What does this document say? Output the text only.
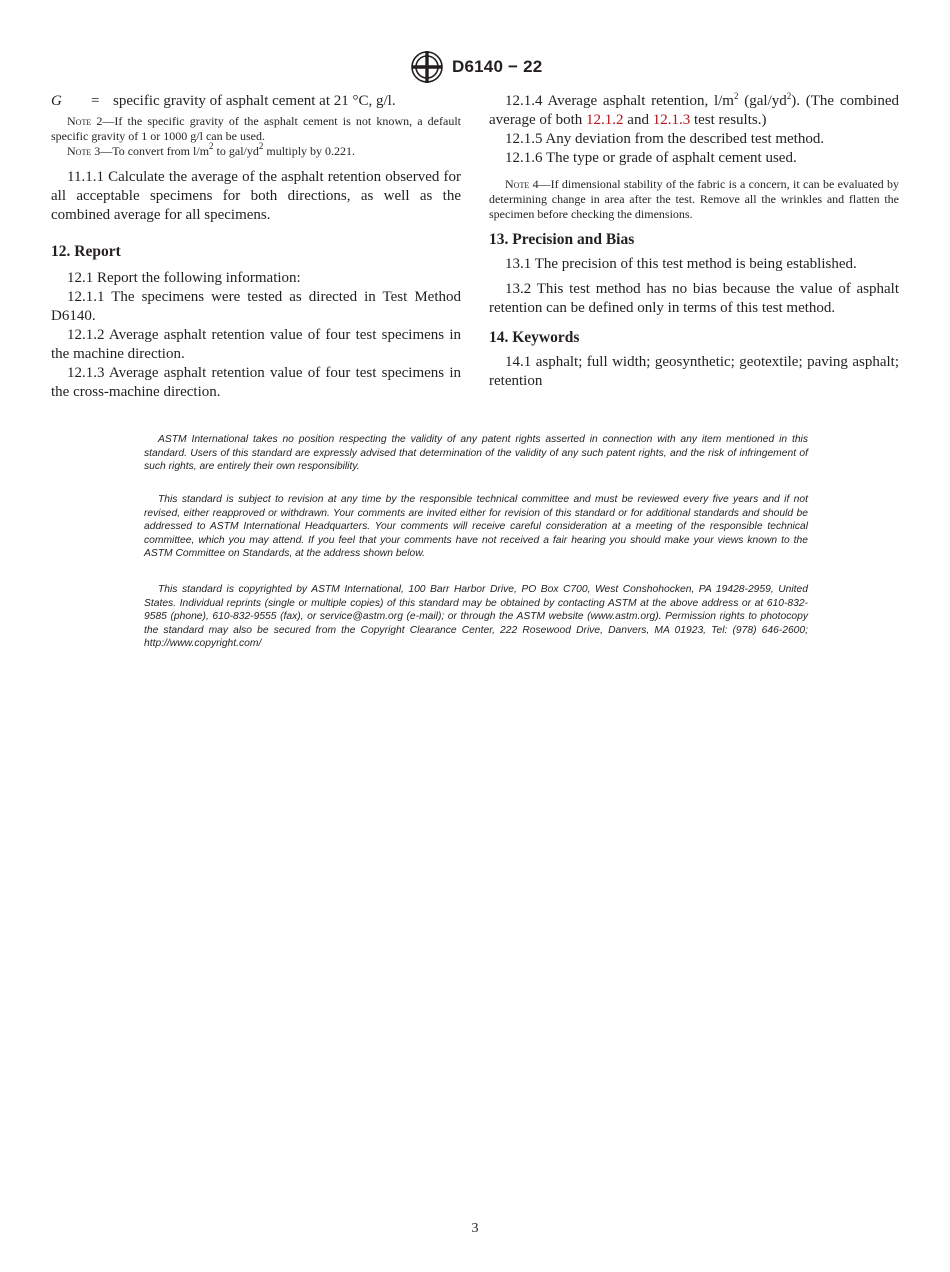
D6140 − 22

G = specific gravity of asphalt cement at 21 °C, g/l.

Note 2—If the specific gravity of the asphalt cement is not known, a default specific gravity of 1 or 1000 g/l can be used.

Note 3—To convert from $l/m^2$ to gal/$yd^2$ multiply by 0.221.

11.1.1 Calculate the average of the asphalt retention observed for all acceptable specimens for both directions, as well as the combined average for all specimens.

12. Report

12.1 Report the following information:

12.1.1 The specimens were tested as directed in Test Method D6140.

12.1.2 Average asphalt retention value of four test specimens in the machine direction.

12.1.3 Average asphalt retention value of four test specimens in the cross-machine direction.

12.1.4 Average asphalt retention, $l/m^2$ $(gal/yd^2)$. (The combined average of both 12.1.2 and 12.1.3 test results.)

12.1.5 Any deviation from the described test method.

12.1.6 The type or grade of asphalt cement used.

Note 4—If dimensional stability of the fabric is a concern, it can be evaluated by determining change in area after the test. Remove all the wrinkles and flatten the specimen before checking the dimensions.

13. Precision and Bias

13.1 The precision of this test method is being established.

13.2 This test method has no bias because the value of asphalt retention can be defined only in terms of this test method.

14. Keywords

14.1 asphalt; full width; geosynthetic; geotextile; paving asphalt; retention

ASTM International takes no position respecting the validity of any patent rights asserted in connection with any item mentioned in this standard. Users of this standard are expressly advised that determination of the validity of any such patent rights, and the risk of infringement of such rights, are entirely their own responsibility.

This standard is subject to revision at any time by the responsible technical committee and must be reviewed every five years and if not revised, either reapproved or withdrawn. Your comments are invited either for revision of this standard or for additional standards and should be addressed to ASTM International Headquarters. Your comments will receive careful consideration at a meeting of the responsible technical committee, which you may attend. If you feel that your comments have not received a fair hearing you should make your views known to the ASTM Committee on Standards, at the address shown below.

This standard is copyrighted by ASTM International, 100 Barr Harbor Drive, PO Box C700, West Conshohocken, PA 19428-2959, United States. Individual reprints (single or multiple copies) of this standard may be obtained by contacting ASTM at the above address or at 610-832-9585 (phone), 610-832-9555 (fax), or service@astm.org (e-mail); or through the ASTM website (www.astm.org). Permission rights to photocopy the standard may also be secured from the Copyright Clearance Center, 222 Rosewood Drive, Danvers, MA 01923, Tel: (978) 646-2600; http://www.copyright.com/

3
